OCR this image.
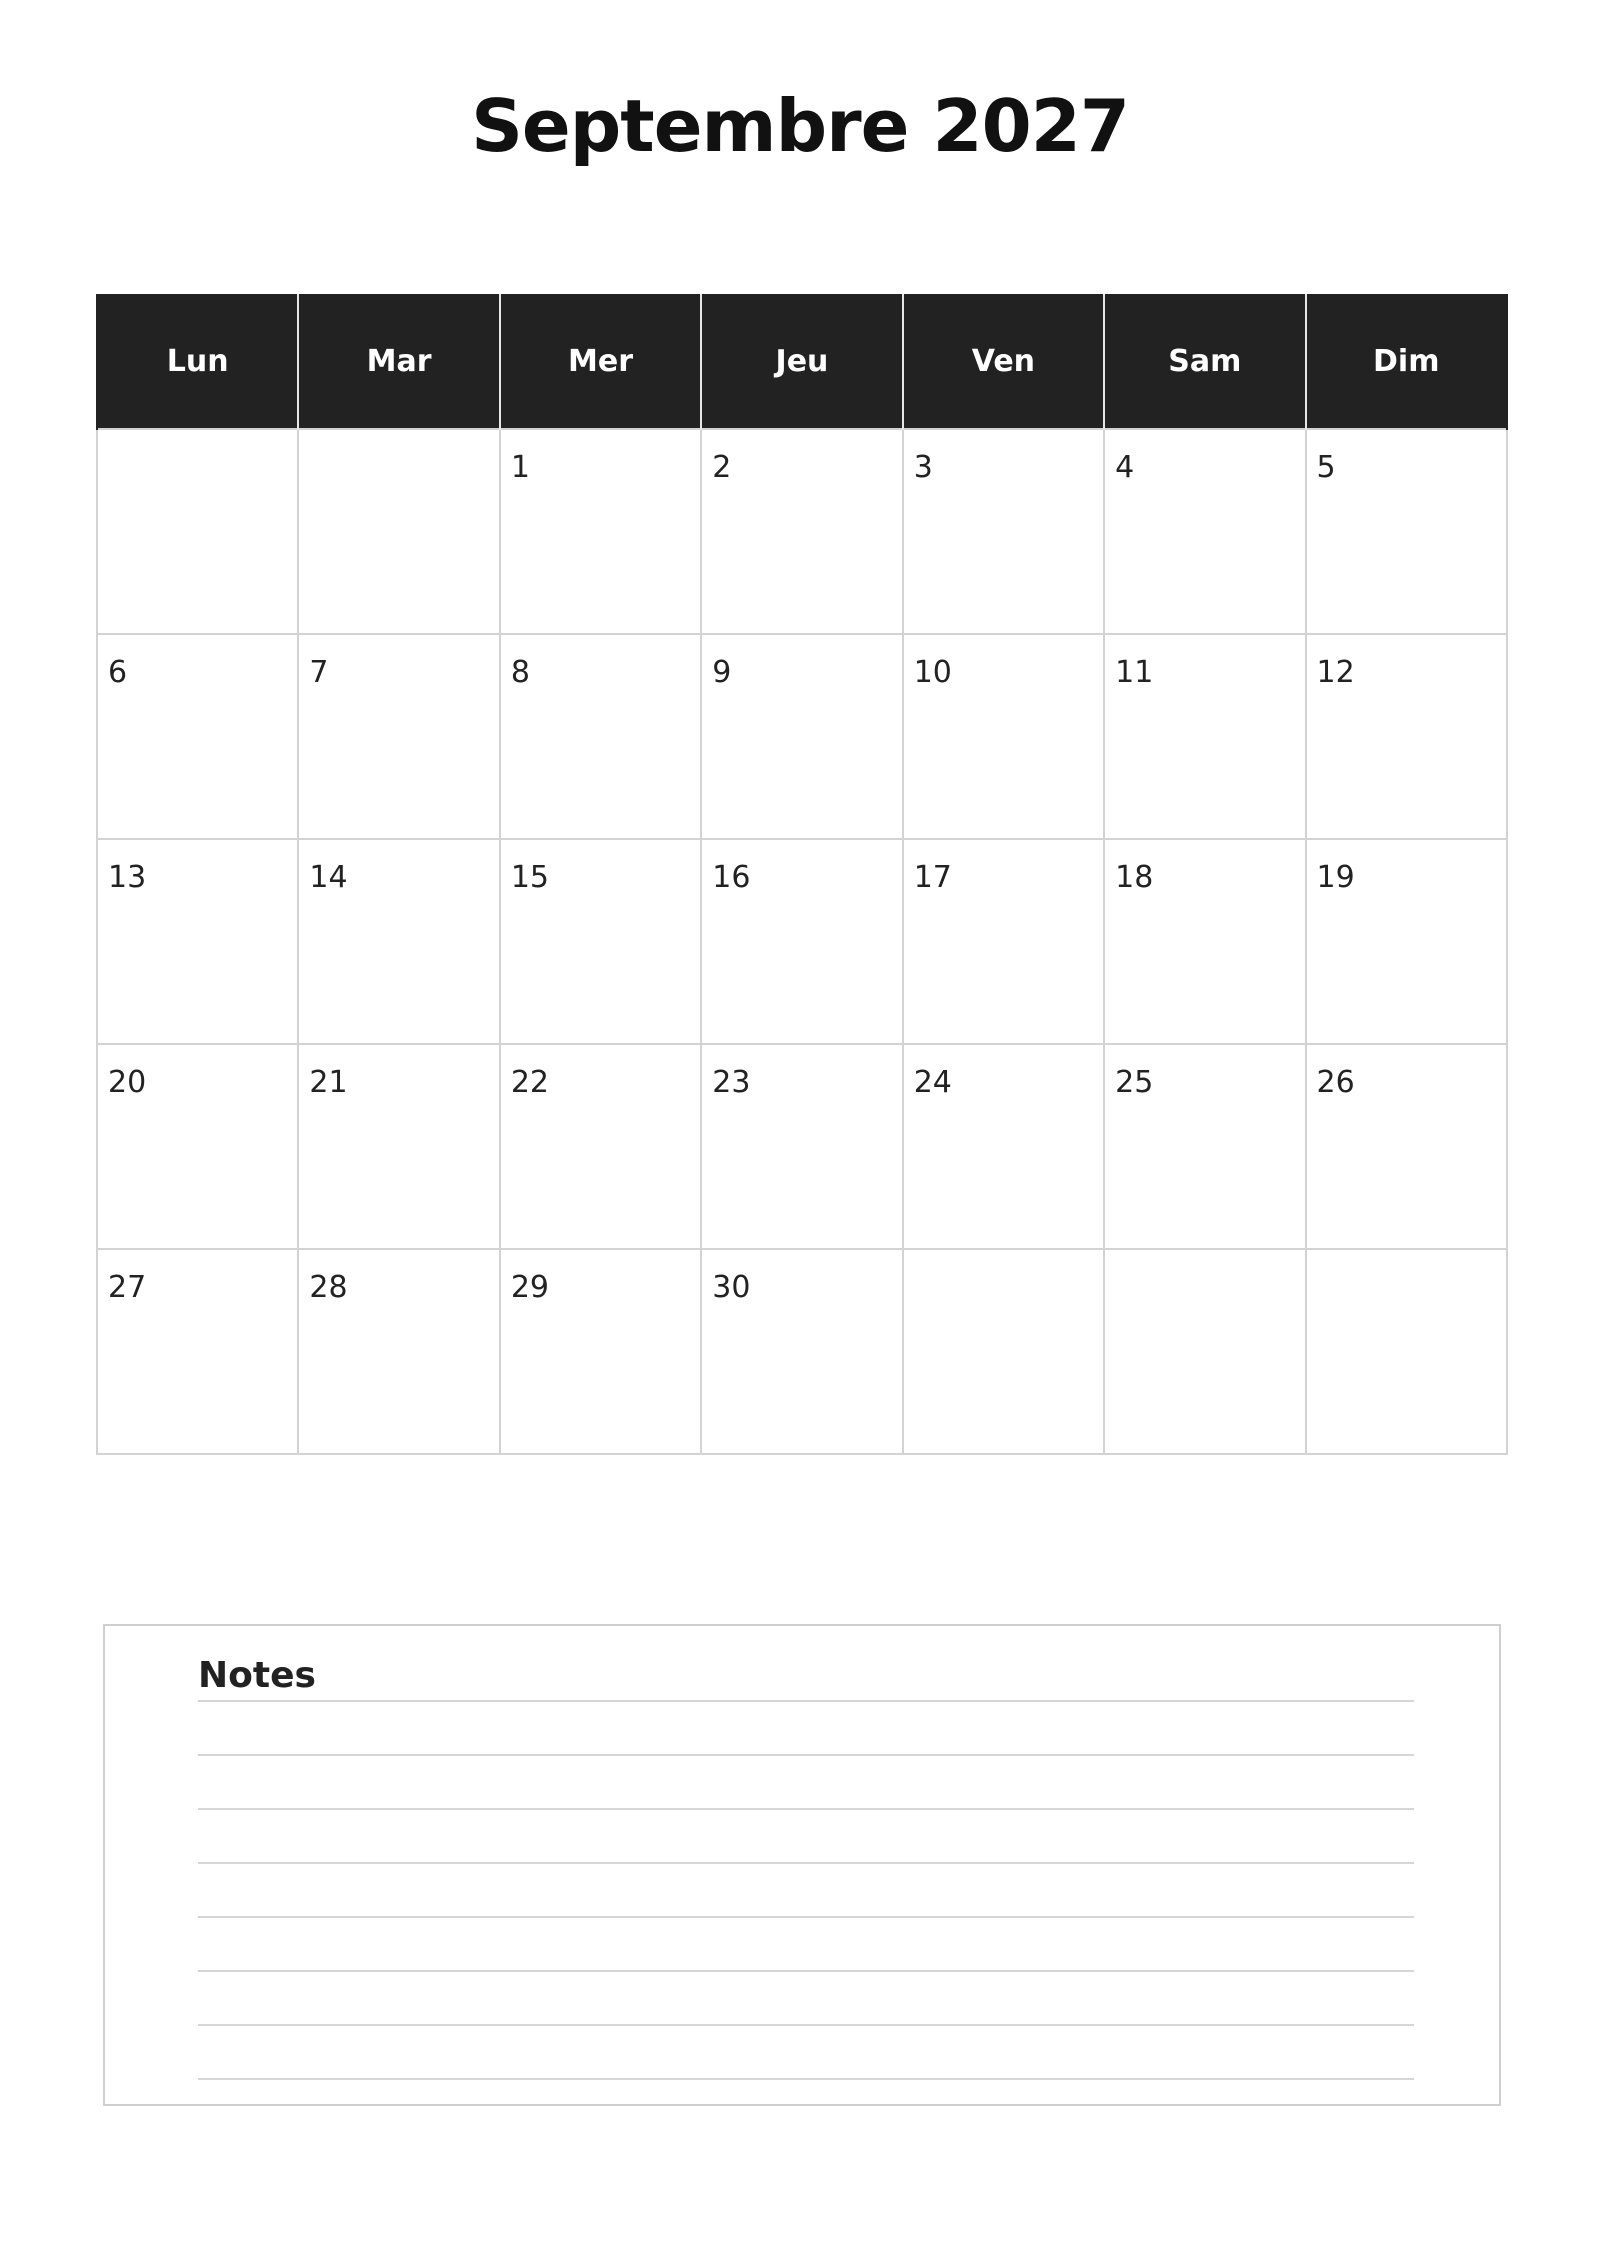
Septembre 2027
Lun	Mar	Mer	Jeu	Ven	Sam	Dim

		1	2	3	4	5

6	7	8	9	10	11	12

13	14	15	16	17	18	19

20	21	22	23	24	25	26

27	28	29	30			

Notes
